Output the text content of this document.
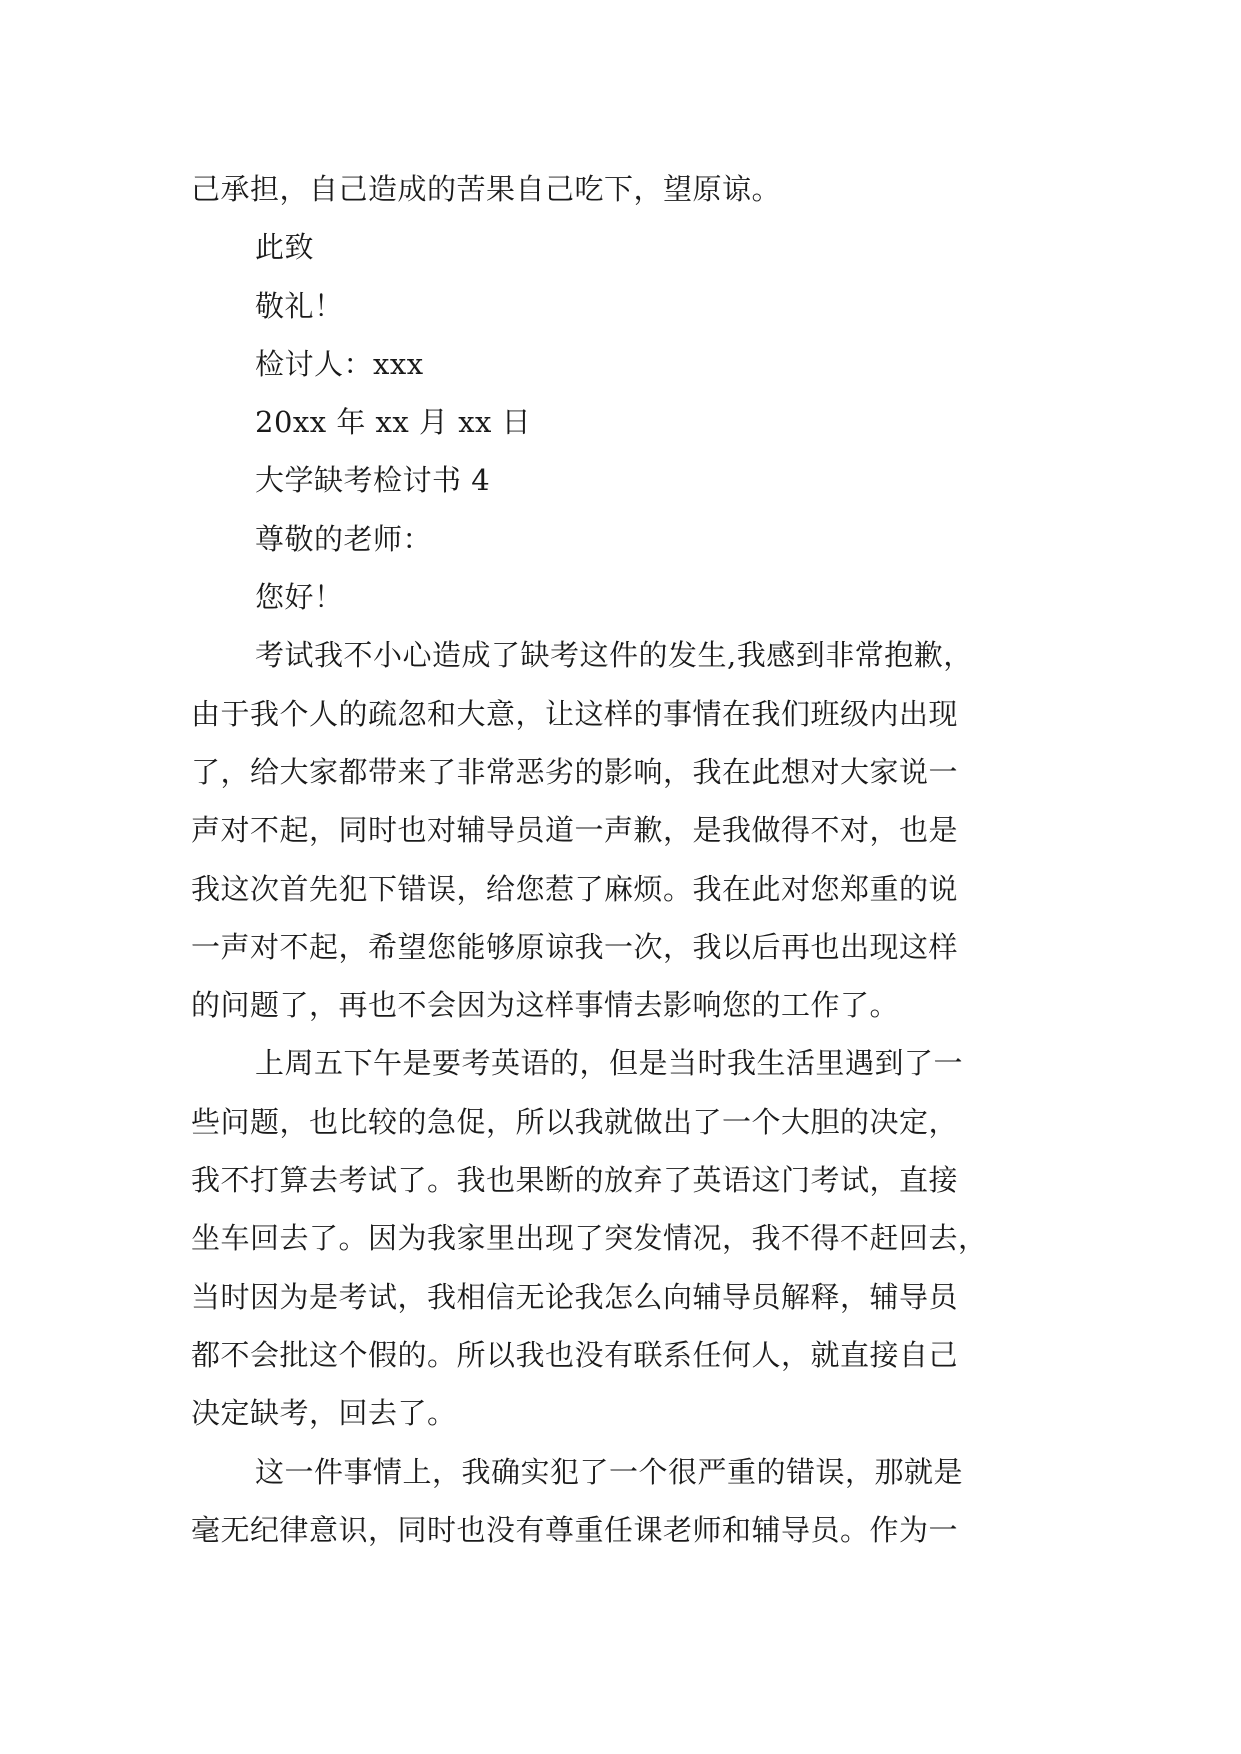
己承担，自己造成的苦果自己吃下，望原谅。
此致
敬礼！
检讨人：xxx
20xx 年 xx 月 xx 日
大学缺考检讨书 4
尊敬的老师：
您好！
考试我不小心造成了缺考这件的发生,我感到非常抱歉，
由于我个人的疏忽和大意，让这样的事情在我们班级内出现
了，给大家都带来了非常恶劣的影响，我在此想对大家说一
声对不起，同时也对辅导员道一声歉，是我做得不对，也是
我这次首先犯下错误，给您惹了麻烦。我在此对您郑重的说
一声对不起，希望您能够原谅我一次，我以后再也出现这样
的问题了，再也不会因为这样事情去影响您的工作了。
上周五下午是要考英语的，但是当时我生活里遇到了一
些问题，也比较的急促，所以我就做出了一个大胆的决定，
我不打算去考试了。我也果断的放弃了英语这门考试，直接
坐车回去了。因为我家里出现了突发情况，我不得不赶回去，
当时因为是考试，我相信无论我怎么向辅导员解释，辅导员
都不会批这个假的。所以我也没有联系任何人，就直接自己
决定缺考，回去了。
这一件事情上，我确实犯了一个很严重的错误，那就是
毫无纪律意识，同时也没有尊重任课老师和辅导员。作为一
